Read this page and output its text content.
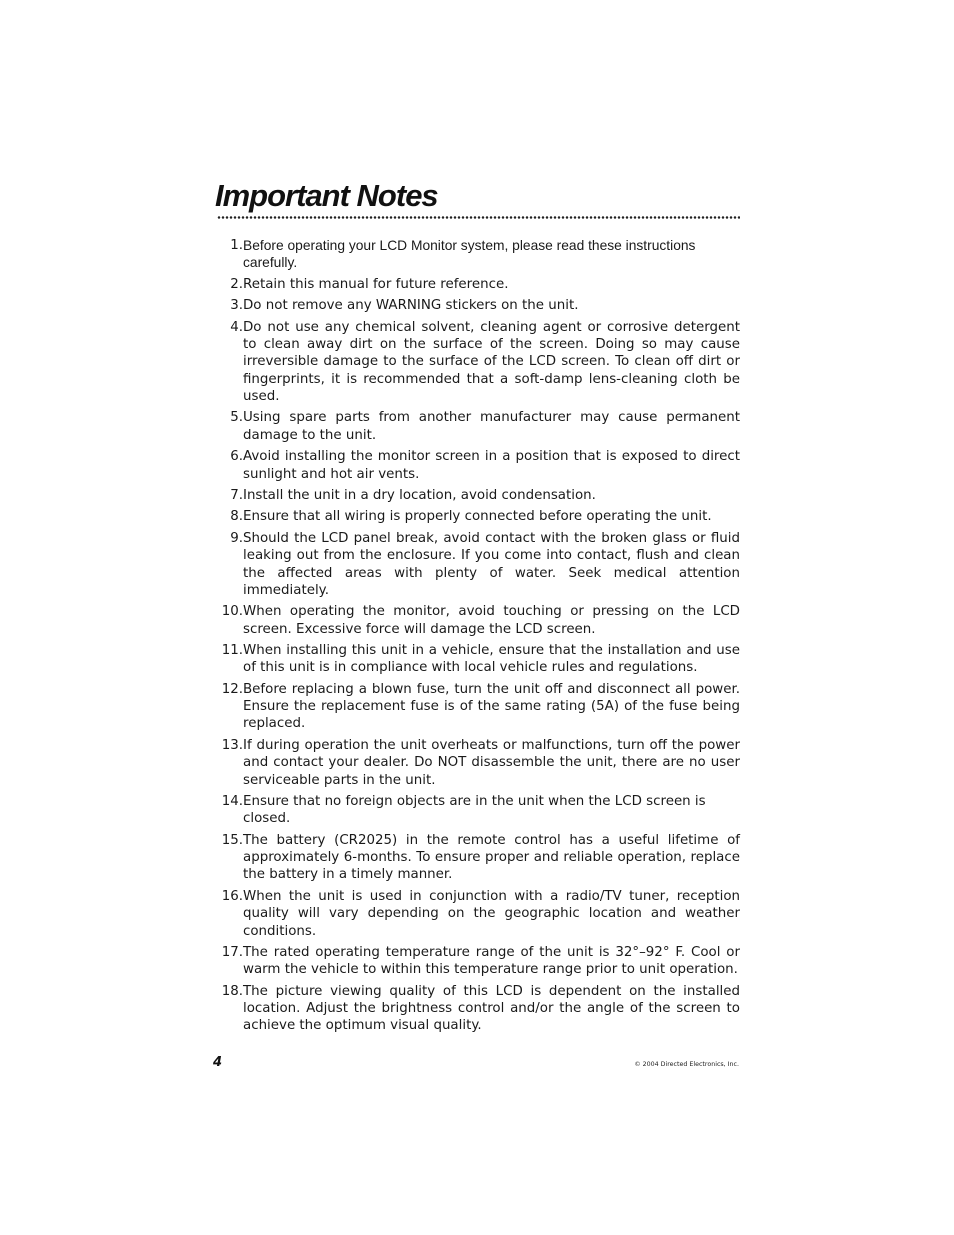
Important Notes
1. Before operating your LCD Monitor system, please read these instructions carefully.
2. Retain this manual for future reference.
3. Do not remove any WARNING stickers on the unit.
4. Do not use any chemical solvent, cleaning agent or corrosive detergent to clean away dirt on the surface of the screen. Doing so may cause irreversible damage to the surface of the LCD screen. To clean off dirt or fingerprints, it is recommended that a soft-damp lens-cleaning cloth be used.
5. Using spare parts from another manufacturer may cause permanent damage to the unit.
6. Avoid installing the monitor screen in a position that is exposed to direct sunlight and hot air vents.
7. Install the unit in a dry location, avoid condensation.
8. Ensure that all wiring is properly connected before operating the unit.
9. Should the LCD panel break, avoid contact with the broken glass or fluid leaking out from the enclosure. If you come into contact, flush and clean the affected areas with plenty of water. Seek medical attention immediately.
10. When operating the monitor, avoid touching or pressing on the LCD screen. Excessive force will damage the LCD screen.
11. When installing this unit in a vehicle, ensure that the installation and use of this unit is in compliance with local vehicle rules and regulations.
12. Before replacing a blown fuse, turn the unit off and disconnect all power. Ensure the replacement fuse is of the same rating (5A) of the fuse being replaced.
13. If during operation the unit overheats or malfunctions, turn off the power and contact your dealer. Do NOT disassemble the unit, there are no user serviceable parts in the unit.
14. Ensure that no foreign objects are in the unit when the LCD screen is closed.
15. The battery (CR2025) in the remote control has a useful lifetime of approximately 6-months. To ensure proper and reliable operation, replace the battery in a timely manner.
16. When the unit is used in conjunction with a radio/TV tuner, reception quality will vary depending on the geographic location and weather conditions.
17. The rated operating temperature range of the unit is 32°–92° F. Cool or warm the vehicle to within this temperature range prior to unit operation.
18. The picture viewing quality of this LCD is dependent on the installed location. Adjust the brightness control and/or the angle of the screen to achieve the optimum visual quality.
4	© 2004 Directed Electronics, Inc.
